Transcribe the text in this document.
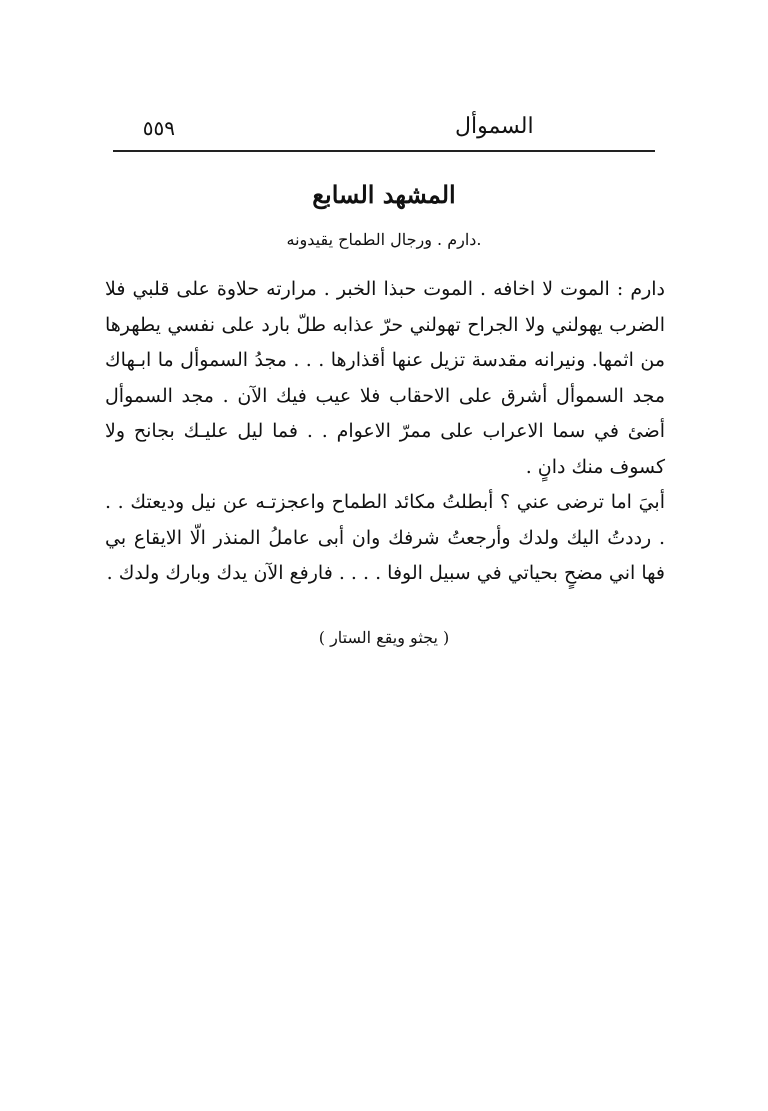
السموأل
٥٥٩
المشهد السابع
.دارم . ورجال الطماح يقيدونه
دارم : الموت لا اخافه . الموت حبذا الخبر . مرارته حلاوة على قلبي فلا الضرب يهولني ولا الجراح تهولني حرّ عذابه طلّ بارد على نفسي يطهرها من اثمها. ونيرانه مقدسة تزيل عنها أقذارها . . . مجدُ السموأل ما ابـهاك مجد السموأل أشرق على الاحقاب فلا عيب فيك الآن . مجد السموأل أضئ في سما الاعراب على ممرّ الاعوام . . فما ليل عليـك بجانح ولا كسوف منك دانٍ .
أبيَ اما ترضى عني ؟ أبطلتُ مكائد الطماح واعجزتـه عن نيل وديعتك . . . رددتُ اليك ولدك وأرجعتُ شرفك وان أبى عاملُ المنذر الّا الايقاع بي فها اني مضحٍ بحياتي في سبيل الوفا . . . . فارفع الآن يدك وبارك ولدك .
( يجثو ويقع الستار )
